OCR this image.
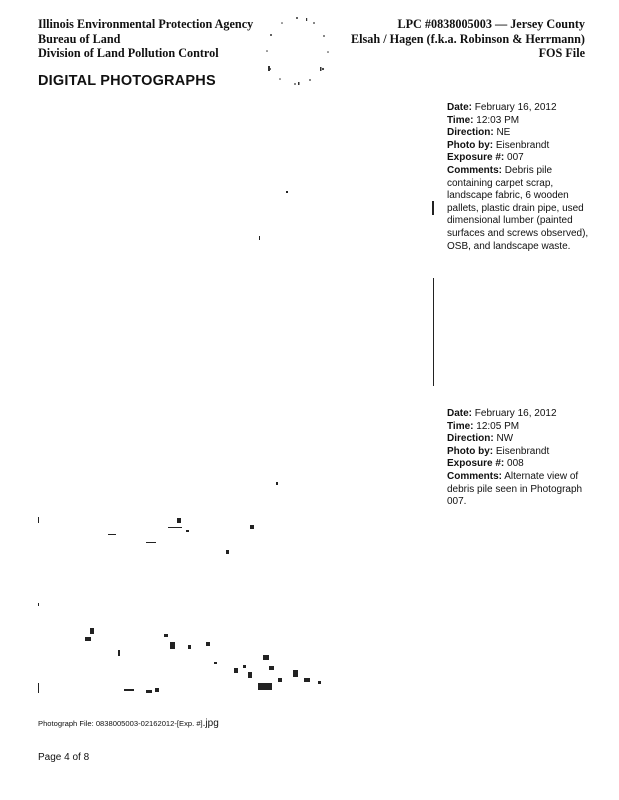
Illinois Environmental Protection Agency
Bureau of Land
Division of Land Pollution Control
LPC #0838005003 — Jersey County
Elsah / Hagen (f.k.a. Robinson & Herrmann)
FOS File
DIGITAL PHOTOGRAPHS
Date: February 16, 2012
Time: 12:03 PM
Direction: NE
Photo by: Eisenbrandt
Exposure #: 007
Comments: Debris pile containing carpet scrap, landscape fabric, 6 wooden pallets, plastic drain pipe, used dimensional lumber (painted surfaces and screws observed), OSB, and landscape waste.
Date: February 16, 2012
Time: 12:05 PM
Direction: NW
Photo by: Eisenbrandt
Exposure #: 008
Comments: Alternate view of debris pile seen in Photograph 007.
Photograph File: 0838005003-02162012-[Exp. #].jpg
Page 4 of 8
